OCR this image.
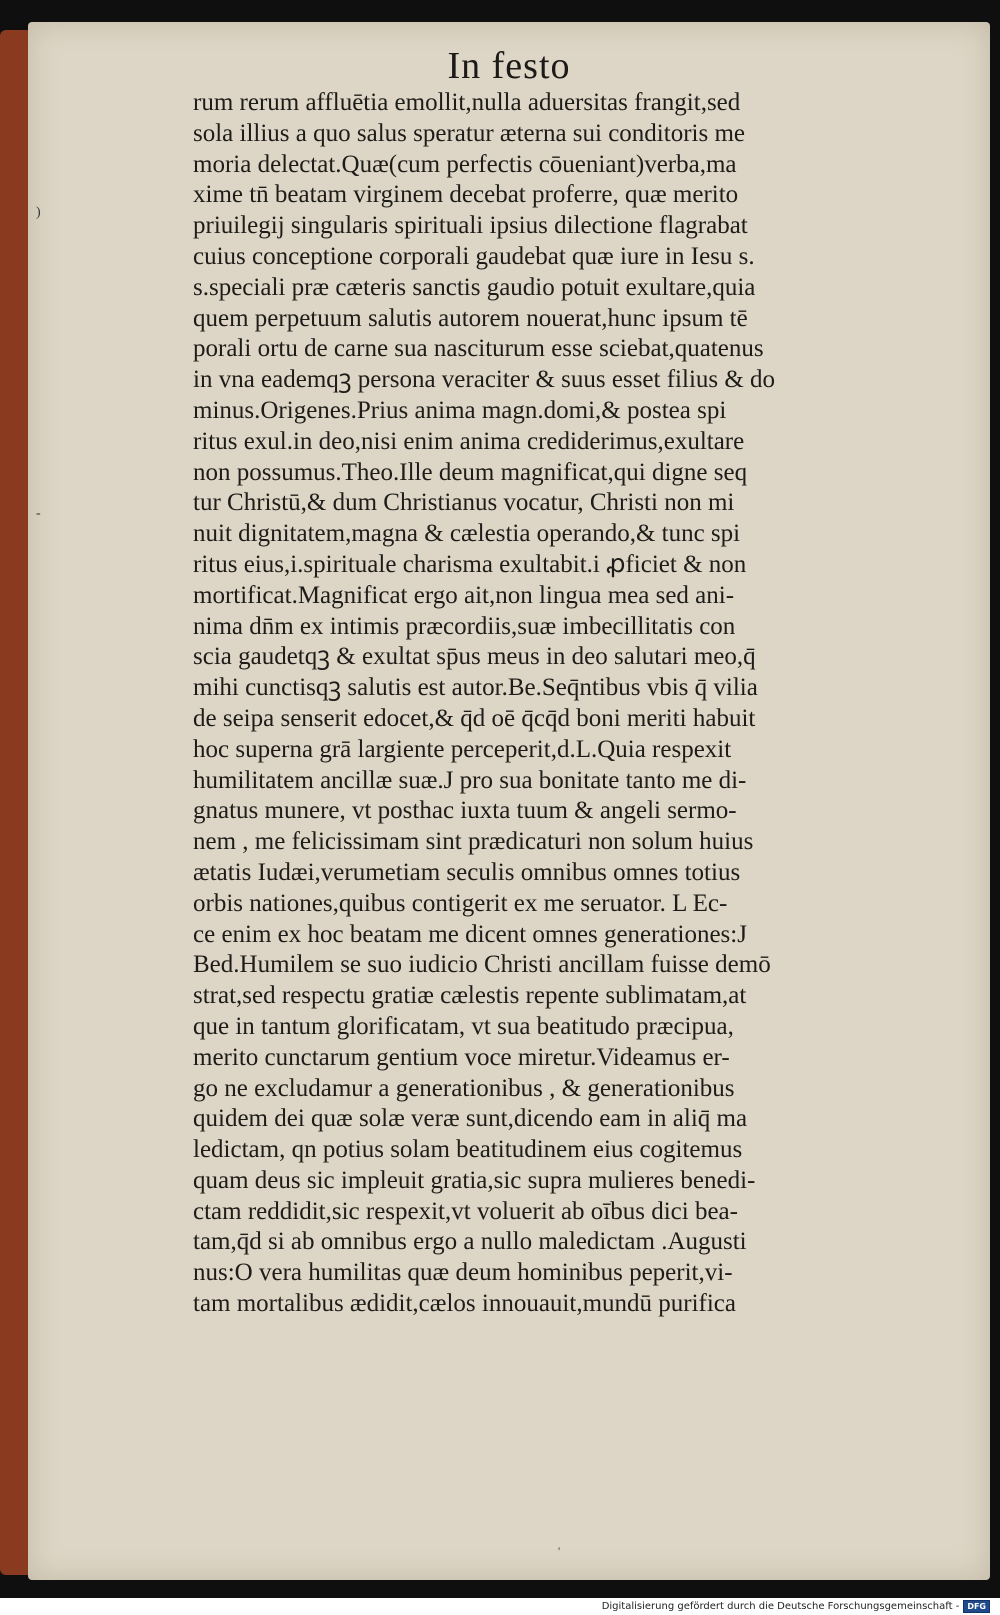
In festo
rum rerum affluētia emollit,nulla aduersitas frangit,sed
sola illius a quo salus speratur æterna sui conditoris me
moria delectat.Quæ(cum perfectis cōueniant)verba,ma
xime tn̄ beatam virginem decebat proferre, quæ merito
priuilegij singularis spirituali ipsius dilectione flagrabat
cuius conceptione corporali gaudebat quæ iure in Iesu s.
s.speciali præ cæteris sanctis gaudio potuit exultare,quia
quem perpetuum salutis autorem nouerat,hunc ipsum tē
porali ortu de carne sua nasciturum esse sciebat,quatenus
in vna eademqꝫ persona veraciter & suus esset filius & do
minus.Origenes.Prius anima magn.domi,& postea spi
ritus exul.in deo,nisi enim anima crediderimus,exultare
non possumus.Theo.Ille deum magnificat,qui digne seq
tur Christū,& dum Christianus vocatur, Christi non mi
nuit dignitatem,magna & cælestia operando,& tunc spi
ritus eius,i.spirituale charisma exultabit.i ꝓficiet & non
mortificat.Magnificat ergo ait,non lingua mea sed ani-
nima dn̄m ex intimis præcordiis,suæ imbecillitatis con
scia gaudetqꝫ & exultat sp̄us meus in deo salutari meo,q̄
mihi cunctisqꝫ salutis est autor.Be.Seq̄ntibus vbis q̄ vilia
de seipa senserit edocet,& q̄d oē q̄cq̄d boni meriti habuit
hoc superna grā largiente perceperit,d.L.Quia respexit
humilitatem ancillæ suæ.J pro sua bonitate tanto me di-
gnatus munere, vt posthac iuxta tuum & angeli sermo-
nem , me felicissimam sint prædicaturi non solum huius
ætatis Iudæi,verumetiam seculis omnibus omnes totius
orbis nationes,quibus contigerit ex me seruator. L Ec-
ce enim ex hoc beatam me dicent omnes generationes:J
Bed.Humilem se suo iudicio Christi ancillam fuisse demō
strat,sed respectu gratiæ cælestis repente sublimatam,at
que in tantum glorificatam, vt sua beatitudo præcipua,
merito cunctarum gentium voce miretur.Videamus er-
go ne excludamur a generationibus , & generationibus
quidem dei quæ solæ veræ sunt,dicendo eam in aliq̄ ma
ledictam, qn potius solam beatitudinem eius cogitemus
quam deus sic impleuit gratia,sic supra mulieres benedi-
ctam reddidit,sic respexit,vt voluerit ab oībus dici bea-
tam,q̄d si ab omnibus ergo a nullo maledictam .Augusti
nus:O vera humilitas quæ deum hominibus peperit,vi-
tam mortalibus ædidit,cælos innouauit,mundū purifica
'
)
-
Digitalisierung gefördert durch die Deutsche Forschungsgemeinschaft -	DFG
